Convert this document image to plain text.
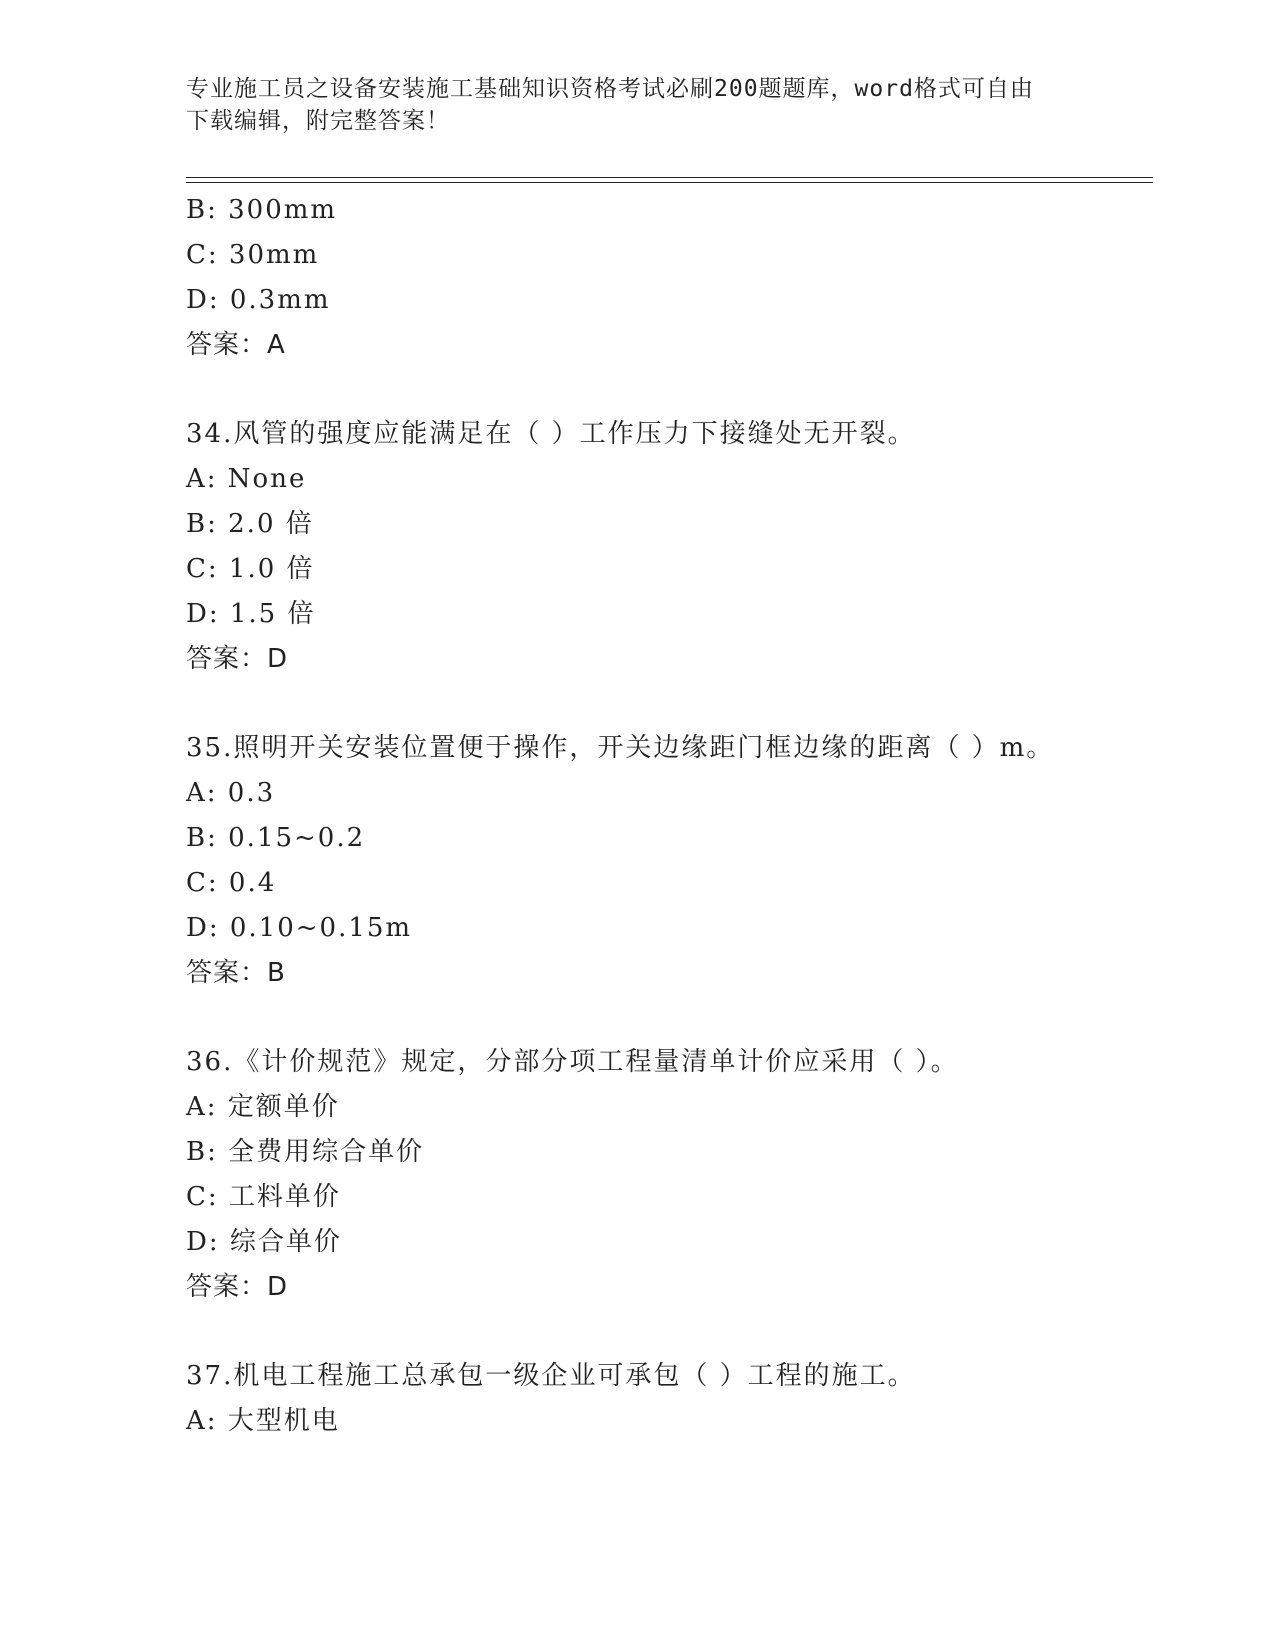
专业施工员之设备安装施工基础知识资格考试必刷200题题库，word格式可自由
下载编辑，附完整答案！
B: 300mm
C: 30mm
D: 0.3mm
答案：A
34.风管的强度应能满足在（ ）工作压力下接缝处无开裂。
A: None
B: 2.0 倍
C: 1.0 倍
D: 1.5 倍
答案：D
35.照明开关安装位置便于操作，开关边缘距门框边缘的距离（ ）m。
A: 0.3
B: 0.15~0.2
C: 0.4
D: 0.10~0.15m
答案：B
36.《计价规范》规定，分部分项工程量清单计价应采用（ ）。
A: 定额单价
B: 全费用综合单价
C: 工料单价
D: 综合单价
答案：D
37.机电工程施工总承包一级企业可承包（ ）工程的施工。
A: 大型机电
